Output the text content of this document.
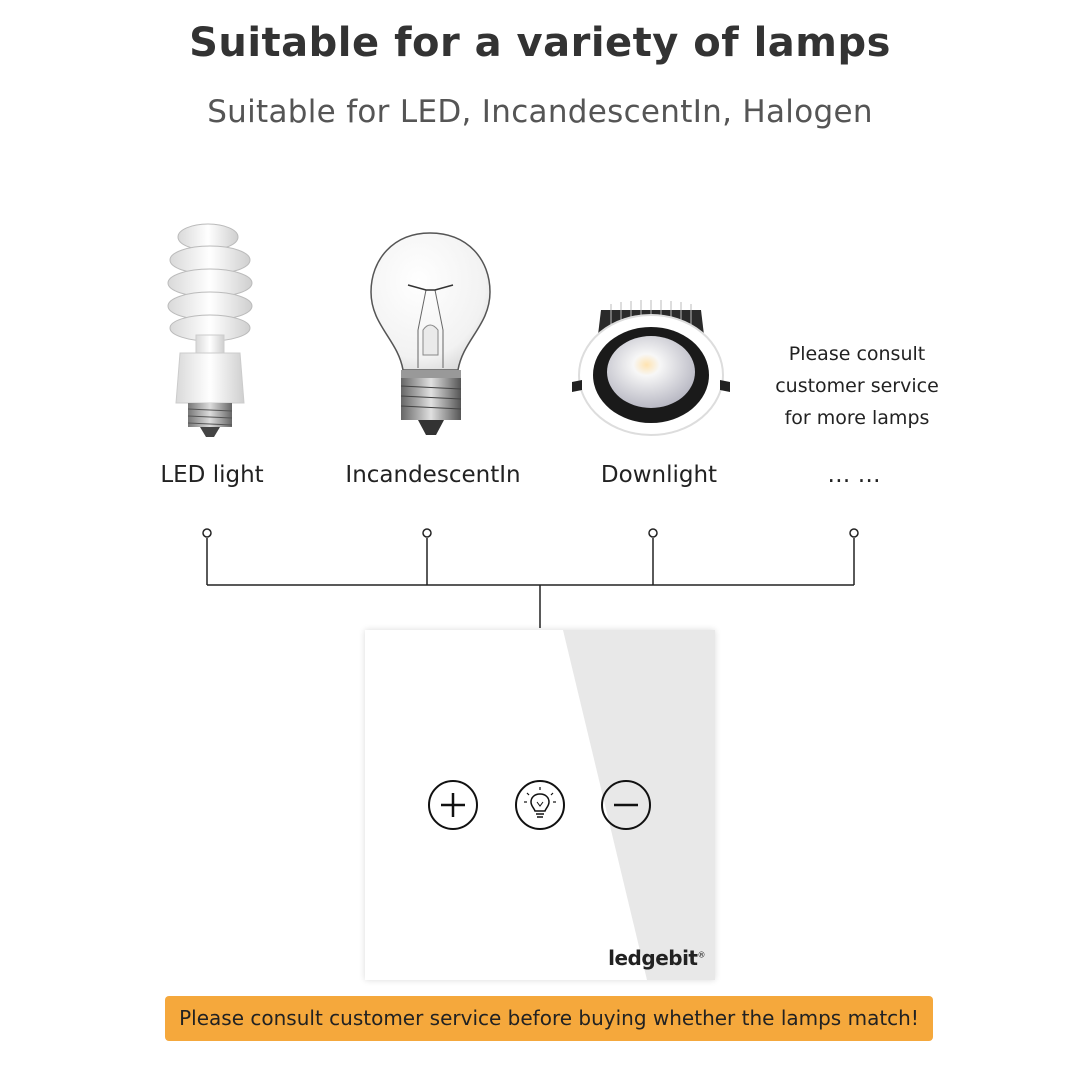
Suitable for a variety of lamps
Suitable for LED, IncandescentIn, Halogen
Please consult
customer service
for more lamps
LED light	IncandescentIn	Downlight	… …
ledgebit®
Please consult customer service before buying whether the lamps match!
